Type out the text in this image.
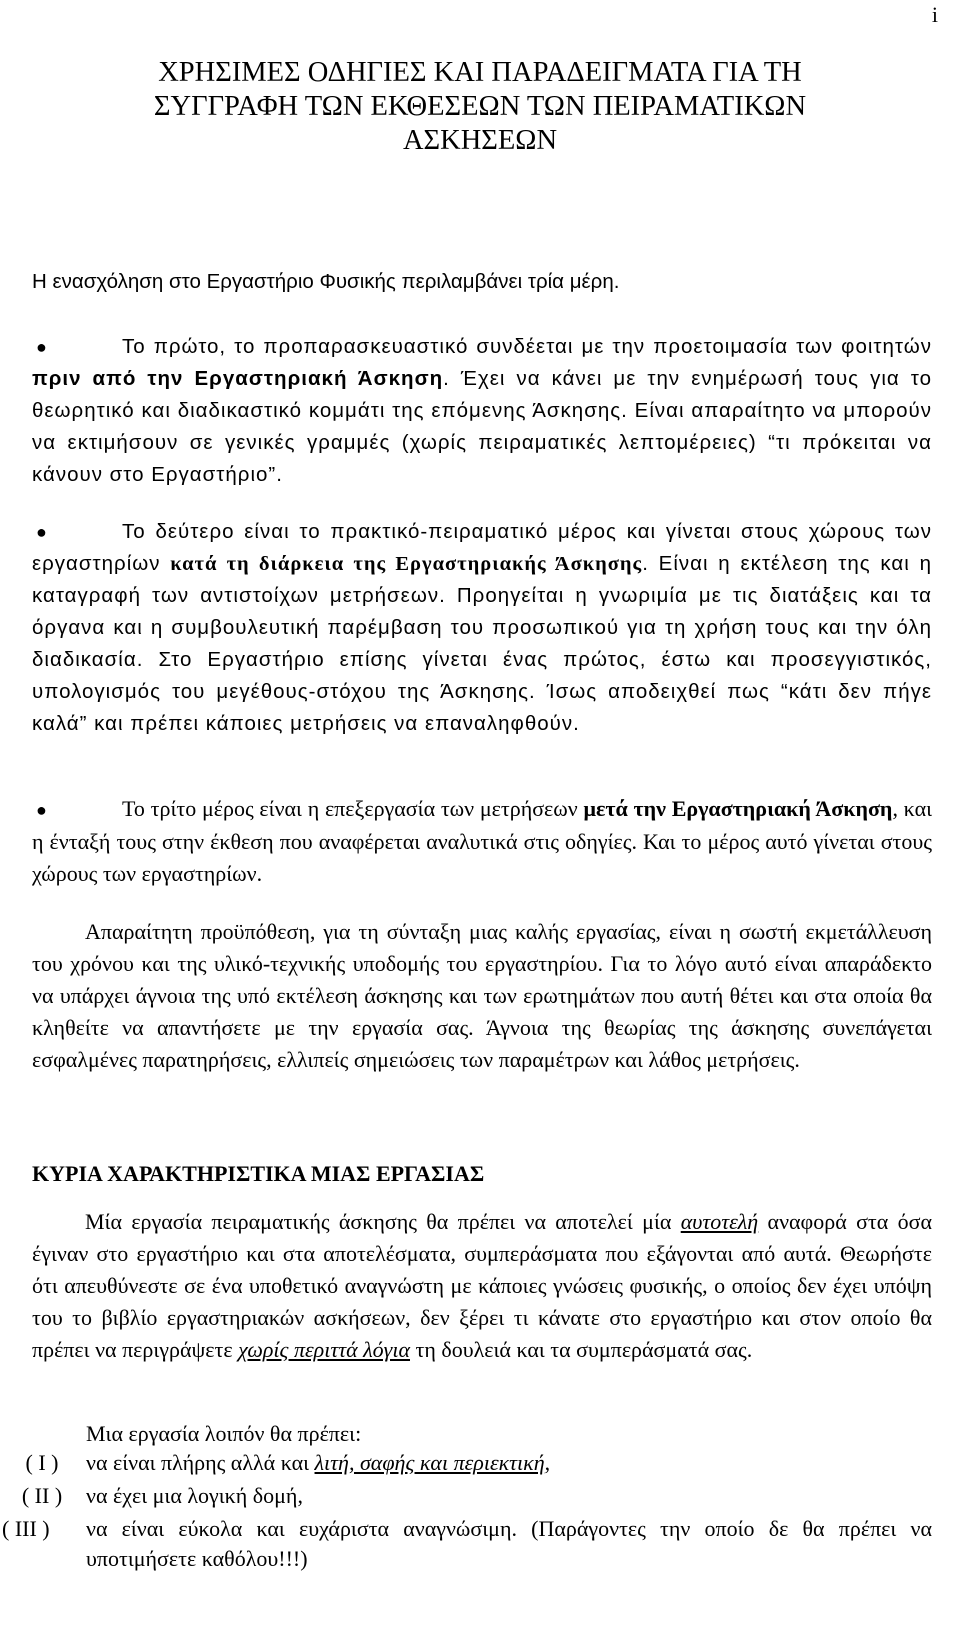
i
ΧΡΗΣΙΜΕΣ ΟΔΗΓΙΕΣ ΚΑΙ ΠΑΡΑΔΕΙΓΜΑΤΑ ΓΙΑ ΤΗ
ΣΥΓΓΡΑΦΗ ΤΩΝ ΕΚΘΕΣΕΩΝ ΤΩΝ ΠΕΙΡΑΜΑΤΙΚΩΝ
ΑΣΚΗΣΕΩΝ
Η ενασχόληση στο Εργαστήριο Φυσικής περιλαμβάνει τρία μέρη.
●	Το πρώτο, το προπαρασκευαστικό συνδέεται με την προετοιμασία των φοιτητών πριν από την Εργαστηριακή Άσκηση. Έχει να κάνει με την ενημέρωσή τους για το θεωρητικό και διαδικαστικό κομμάτι της επόμενης Άσκησης. Είναι απαραίτητο να μπορούν να εκτιμήσουν σε γενικές γραμμές (χωρίς πειραματικές λεπτομέρειες) “τι πρόκειται να κάνουν στο Εργαστήριο”.
●	Το δεύτερο είναι το πρακτικό-πειραματικό μέρος και γίνεται στους χώρους των εργαστηρίων κατά τη διάρκεια της Εργαστηριακής Άσκησης. Είναι η εκτέλεση της και η καταγραφή των αντιστοίχων μετρήσεων. Προηγείται η γνωριμία με τις διατάξεις και τα όργανα και η συμβουλευτική παρέμβαση του προσωπικού για τη χρήση τους και την όλη διαδικασία. Στο Εργαστήριο επίσης γίνεται ένας πρώτος, έστω και προσεγγιστικός, υπολογισμός του μεγέθους-στόχου της Άσκησης. Ίσως αποδειχθεί πως “κάτι δεν πήγε καλά” και πρέπει κάποιες μετρήσεις να επαναληφθούν.
●	Το τρίτο μέρος είναι η επεξεργασία των μετρήσεων μετά την Εργαστηριακή Άσκηση, και η ένταξή τους στην έκθεση που αναφέρεται αναλυτικά στις οδηγίες. Και το μέρος αυτό γίνεται στους χώρους των εργαστηρίων.
Απαραίτητη προϋπόθεση, για τη σύνταξη μιας καλής εργασίας, είναι η σωστή εκμετάλλευση του χρόνου και της υλικό-τεχνικής υποδομής του εργαστηρίου. Για το λόγο αυτό είναι απαράδεκτο να υπάρχει άγνοια της υπό εκτέλεση άσκησης και των ερωτημάτων που αυτή θέτει και στα οποία θα κληθείτε να απαντήσετε με την εργασία σας. Άγνοια της θεωρίας της άσκησης συνεπάγεται εσφαλμένες παρατηρήσεις, ελλιπείς σημειώσεις των παραμέτρων και λάθος μετρήσεις.
ΚΥΡΙΑ ΧΑΡΑΚΤΗΡΙΣΤΙΚΑ ΜΙΑΣ ΕΡΓΑΣΙΑΣ
Μία εργασία πειραματικής άσκησης θα πρέπει να αποτελεί μία αυτοτελή αναφορά στα όσα έγιναν στο εργαστήριο και στα αποτελέσματα, συμπεράσματα που εξάγονται από αυτά. Θεωρήστε ότι απευθύνεστε σε ένα υποθετικό αναγνώστη με κάποιες γνώσεις φυσικής, ο οποίος δεν έχει υπόψη του το βιβλίο εργαστηριακών ασκήσεων, δεν ξέρει τι κάνατε στο εργαστήριο και στον οποίο θα πρέπει να περιγράψετε χωρίς περιττά λόγια τη δουλειά και τα συμπεράσματά σας.
Μια εργασία λοιπόν θα πρέπει:
( I )	να είναι πλήρης αλλά και λιτή, σαφής και περιεκτική,
( II )	να έχει μια λογική δομή,
( III )	να είναι εύκολα και ευχάριστα αναγνώσιμη. (Παράγοντες την οποίο δε θα πρέπει να υποτιμήσετε καθόλου!!!)
